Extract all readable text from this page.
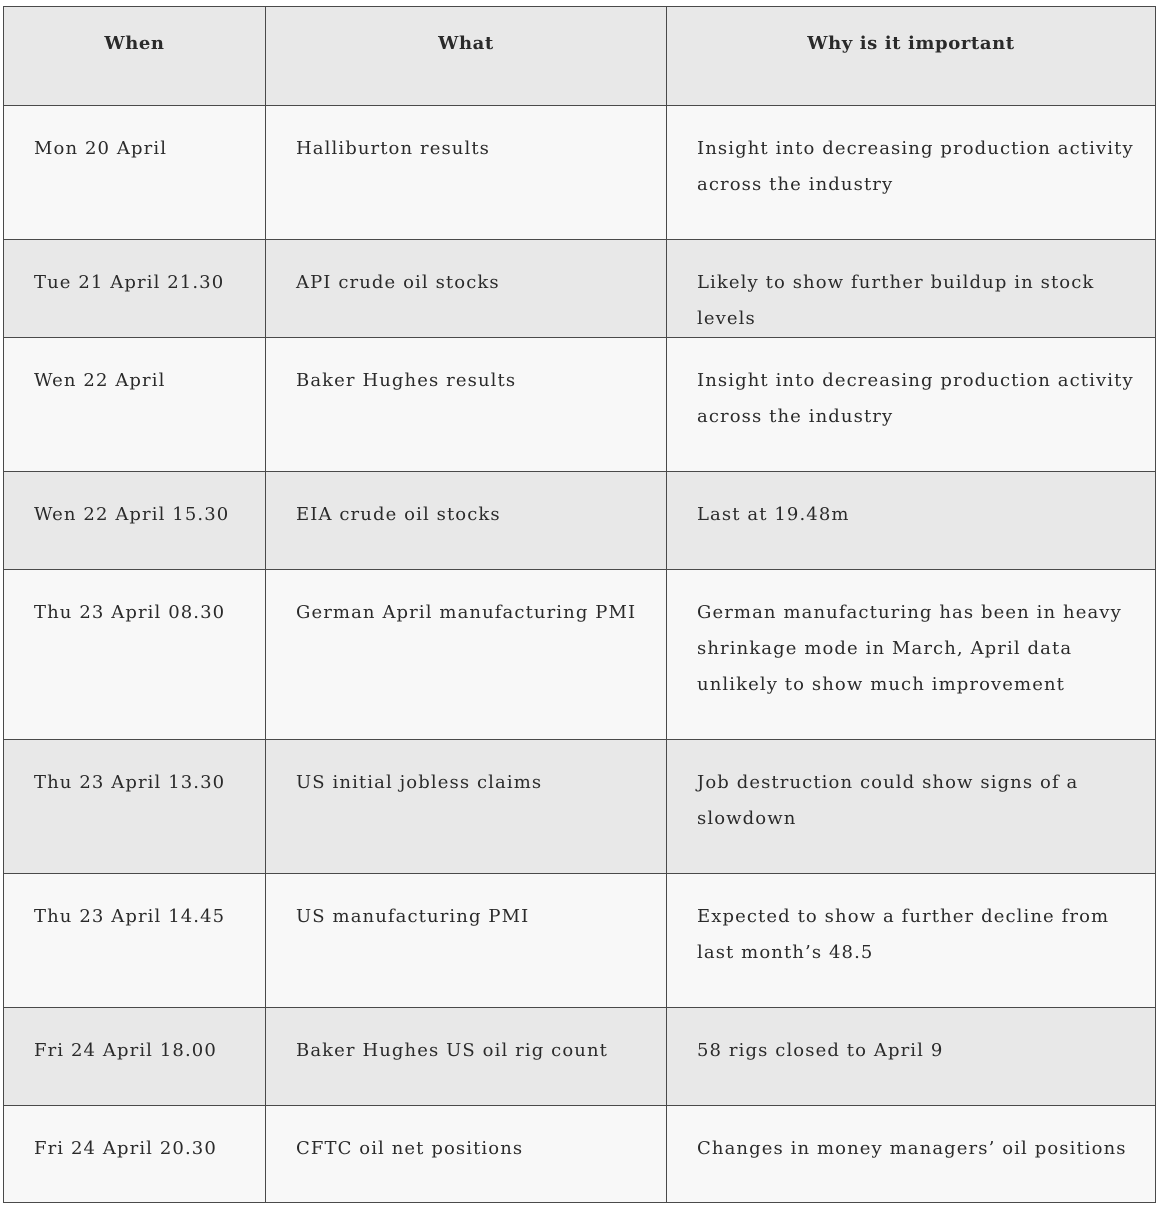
When	What	Why is it important
Mon 20 April	Halliburton results	Insight into decreasing production activity across the industry
Tue 21 April 21.30	API crude oil stocks	Likely to show further buildup in stock levels
Wen 22 April	Baker Hughes results	Insight into decreasing production activity across the industry
Wen 22 April 15.30	EIA crude oil stocks	Last at 19.48m
Thu 23 April 08.30	German April manufacturing PMI	German manufacturing has been in heavy shrinkage mode in March, April data unlikely to show much improvement
Thu 23 April 13.30	US initial jobless claims	Job destruction could show signs of a slowdown
Thu 23 April 14.45	US manufacturing PMI	Expected to show a further decline from last month’s 48.5
Fri 24 April 18.00	Baker Hughes US oil rig count	58 rigs closed to April 9
Fri 24 April 20.30	CFTC oil net positions	Changes in money managers’ oil positions
